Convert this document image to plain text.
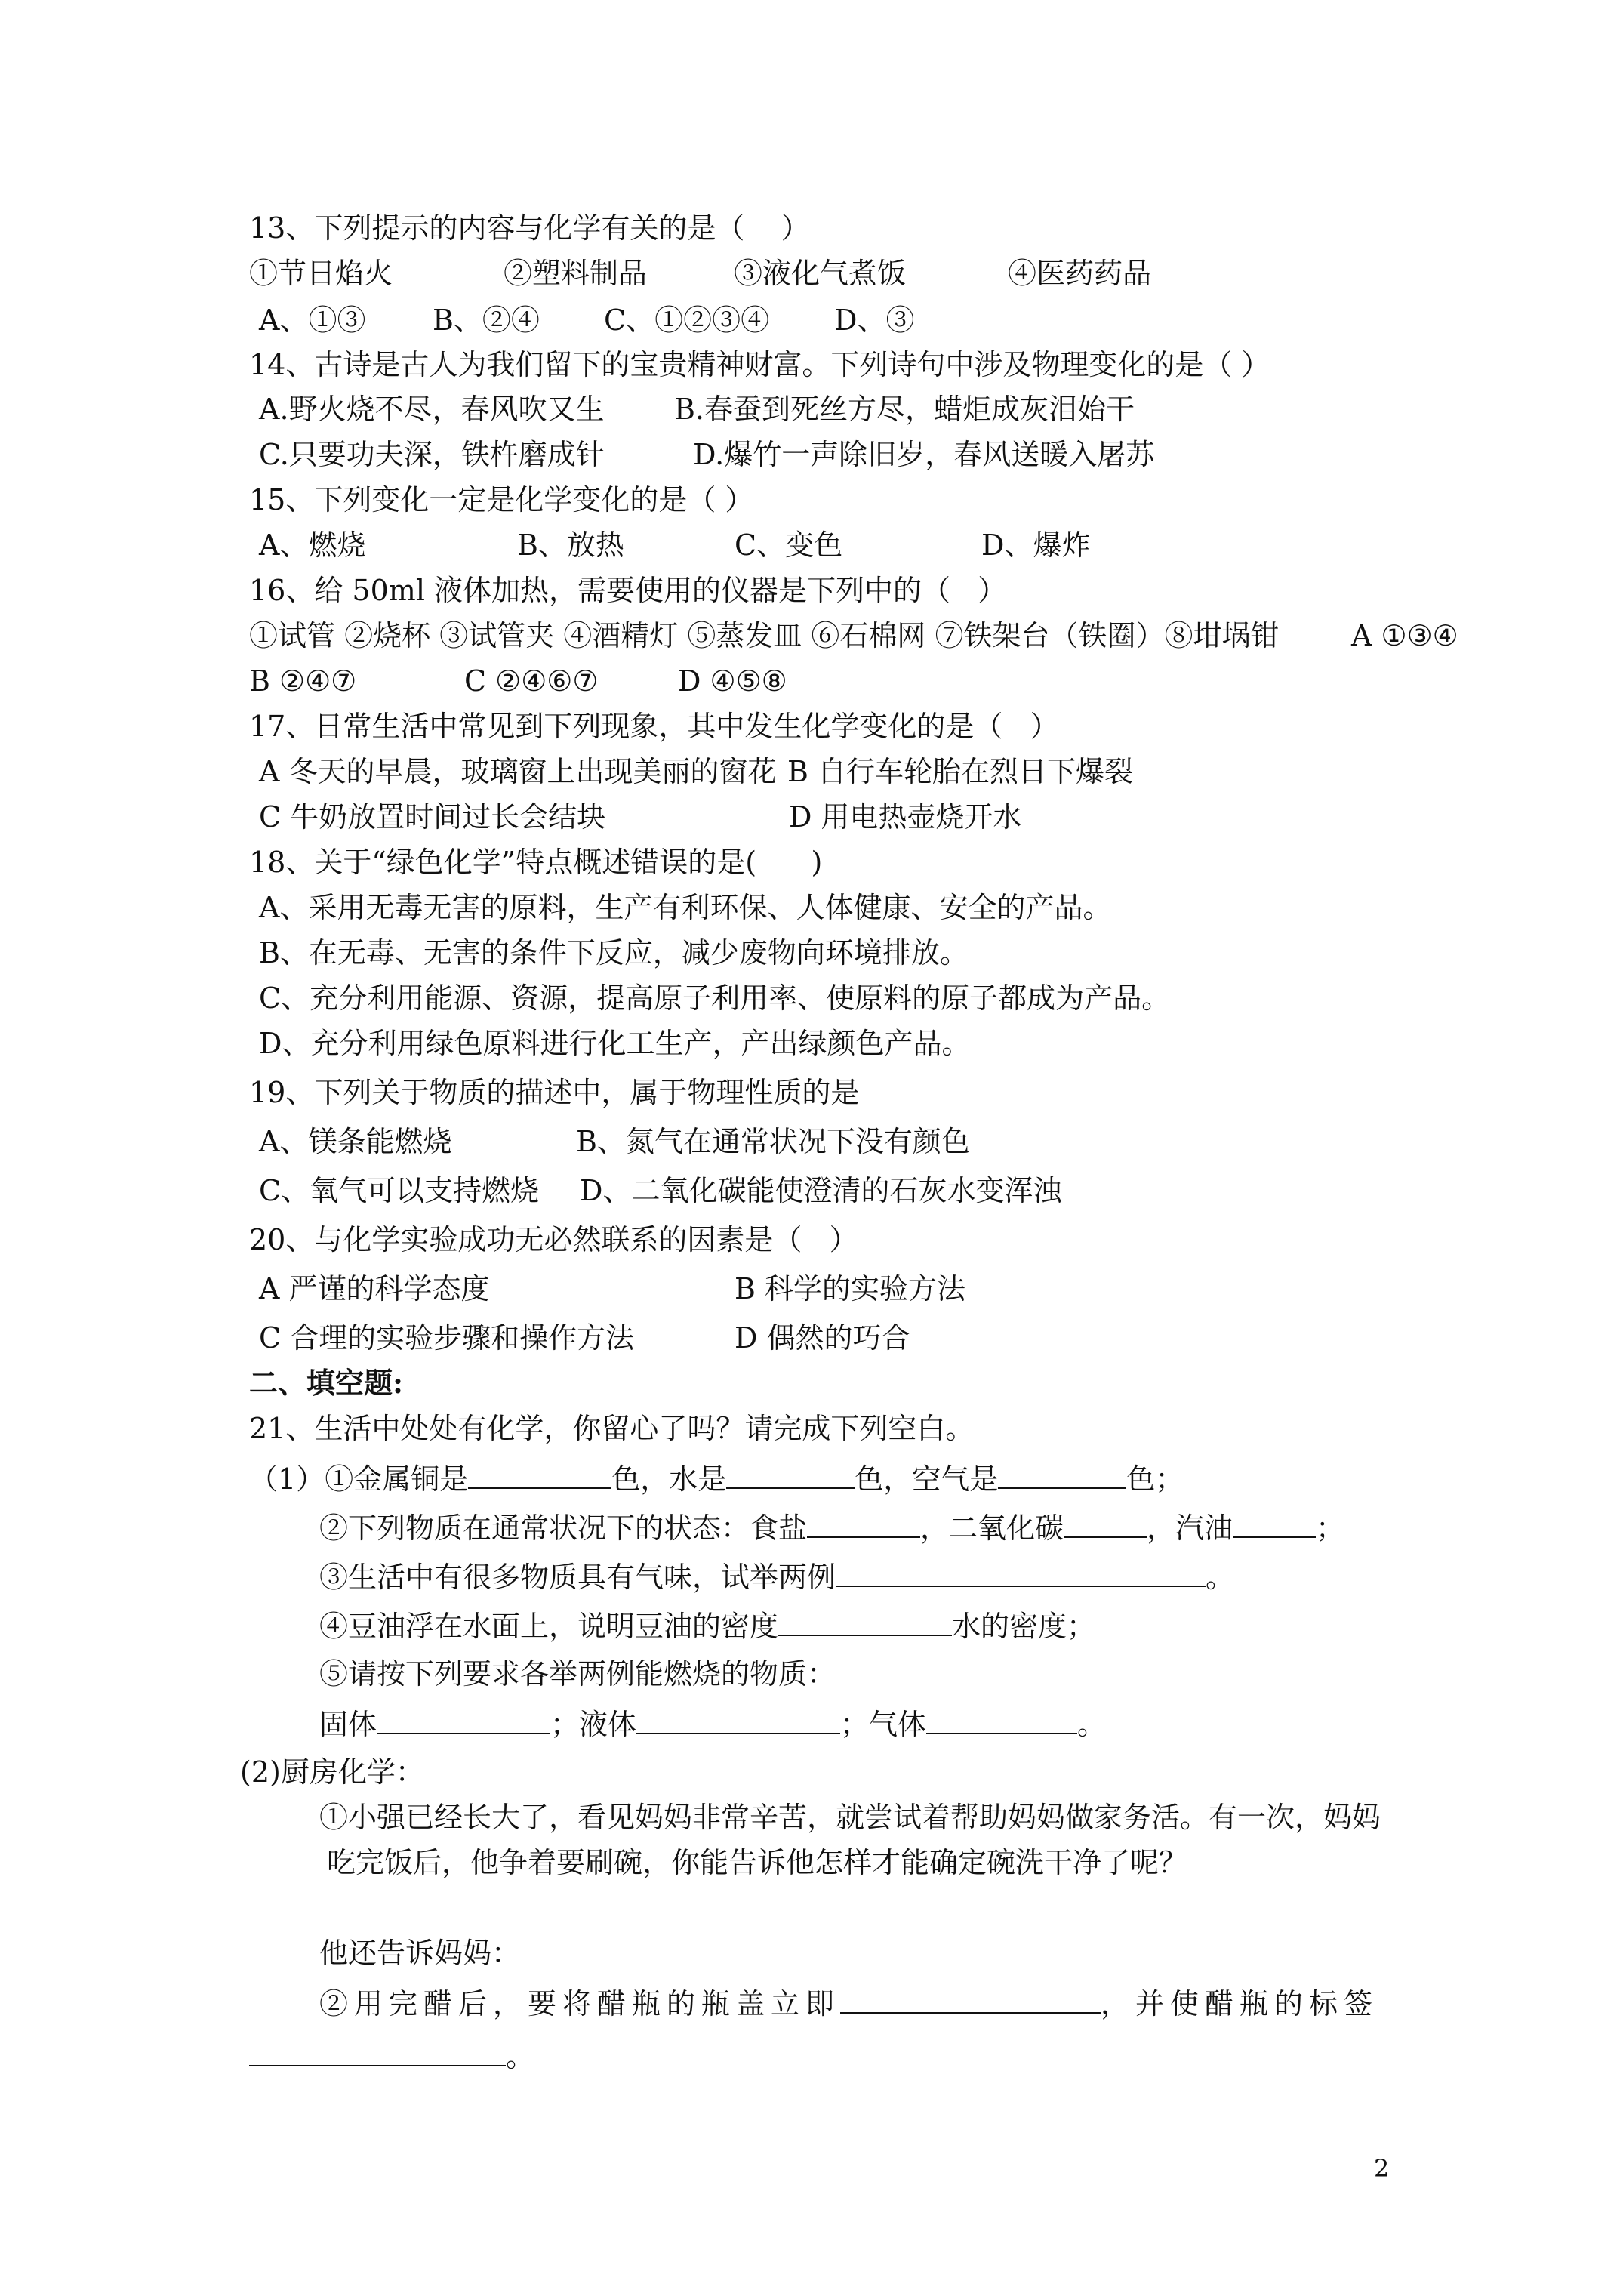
13、下列提示的内容与化学有关的是（    ）
①节日焰火	②塑料制品	③液化气煮饭	④医药药品
A、①③ B、②④ C、①②③④ D、③
14、古诗是古人为我们留下的宝贵精神财富。下列诗句中涉及物理变化的是（ ）
A.野火烧不尽，春风吹又生 B.春蚕到死丝方尽，蜡炬成灰泪始干
C.只要功夫深，铁杵磨成针	D.爆竹一声除旧岁，春风送暖入屠苏
15、下列变化一定是化学变化的是（ ）
A、燃烧	B、放热	C、变色	D、爆炸
16、给 50ml 液体加热，需要使用的仪器是下列中的（   ）
①试管 ②烧杯 ③试管夹 ④酒精灯 ⑤蒸发皿 ⑥石棉网 ⑦铁架台（铁圈）⑧坩埚钳	A ①③④
B ②④⑦	C ②④⑥⑦	D ④⑤⑧
17、日常生活中常见到下列现象，其中发生化学变化的是（   ）
A 冬天的早晨，玻璃窗上出现美丽的窗花 B 自行车轮胎在烈日下爆裂
C 牛奶放置时间过长会结块	D 用电热壶烧开水
18、关于“绿色化学”特点概述错误的是(      )
A、采用无毒无害的原料，生产有利环保、人体健康、安全的产品。
B、在无毒、无害的条件下反应，减少废物向环境排放。
C、充分利用能源、资源，提高原子利用率、使原料的原子都成为产品。
D、充分利用绿色原料进行化工生产，产出绿颜色产品。
19、下列关于物质的描述中，属于物理性质的是
A、镁条能燃烧	B、氮气在通常状况下没有颜色
C、氧气可以支持燃烧 D、二氧化碳能使澄清的石灰水变浑浊
20、与化学实验成功无必然联系的因素是（   ）
A 严谨的科学态度	B 科学的实验方法
C 合理的实验步骤和操作方法	D 偶然的巧合
二、填空题:
21、生活中处处有化学，你留心了吗？请完成下列空白。
（1）①金属铜是	色，水是	色，空气是	色；
②下列物质在通常状况下的状态：食盐	，二氧化碳	，汽油	；
③生活中有很多物质具有气味，试举两例	。
④豆油浮在水面上，说明豆油的密度	水的密度；
⑤请按下列要求各举两例能燃烧的物质：
固体	；液体	；气体	。
(2)厨房化学：
①小强已经长大了，看见妈妈非常辛苦，就尝试着帮助妈妈做家务活。有一次，妈妈
吃完饭后，他争着要刷碗，你能告诉他怎样才能确定碗洗干净了呢？
他还告诉妈妈：
②用完醋后，要将醋瓶的瓶盖立即	，并使醋瓶的标签
。
2
